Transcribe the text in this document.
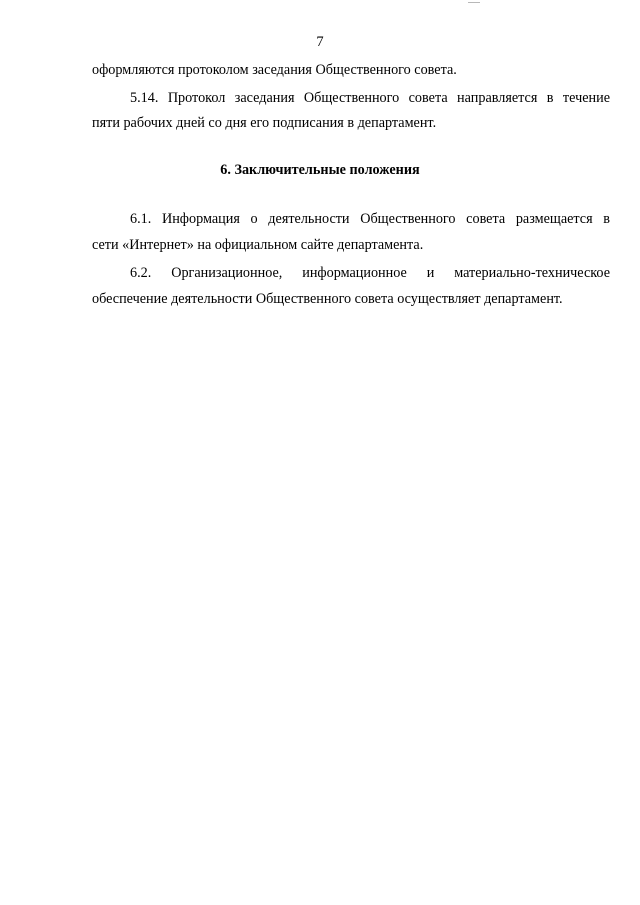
7
оформляются протоколом заседания Общественного совета.
5.14. Протокол заседания Общественного совета направляется в течение
пяти рабочих дней со дня его подписания в департамент.
6. Заключительные положения
6.1. Информация о деятельности Общественного совета размещается в
сети «Интернет» на официальном сайте департамента.
6.2. Организационное, информационное и материально-техническое
обеспечение деятельности Общественного совета осуществляет департамент.
